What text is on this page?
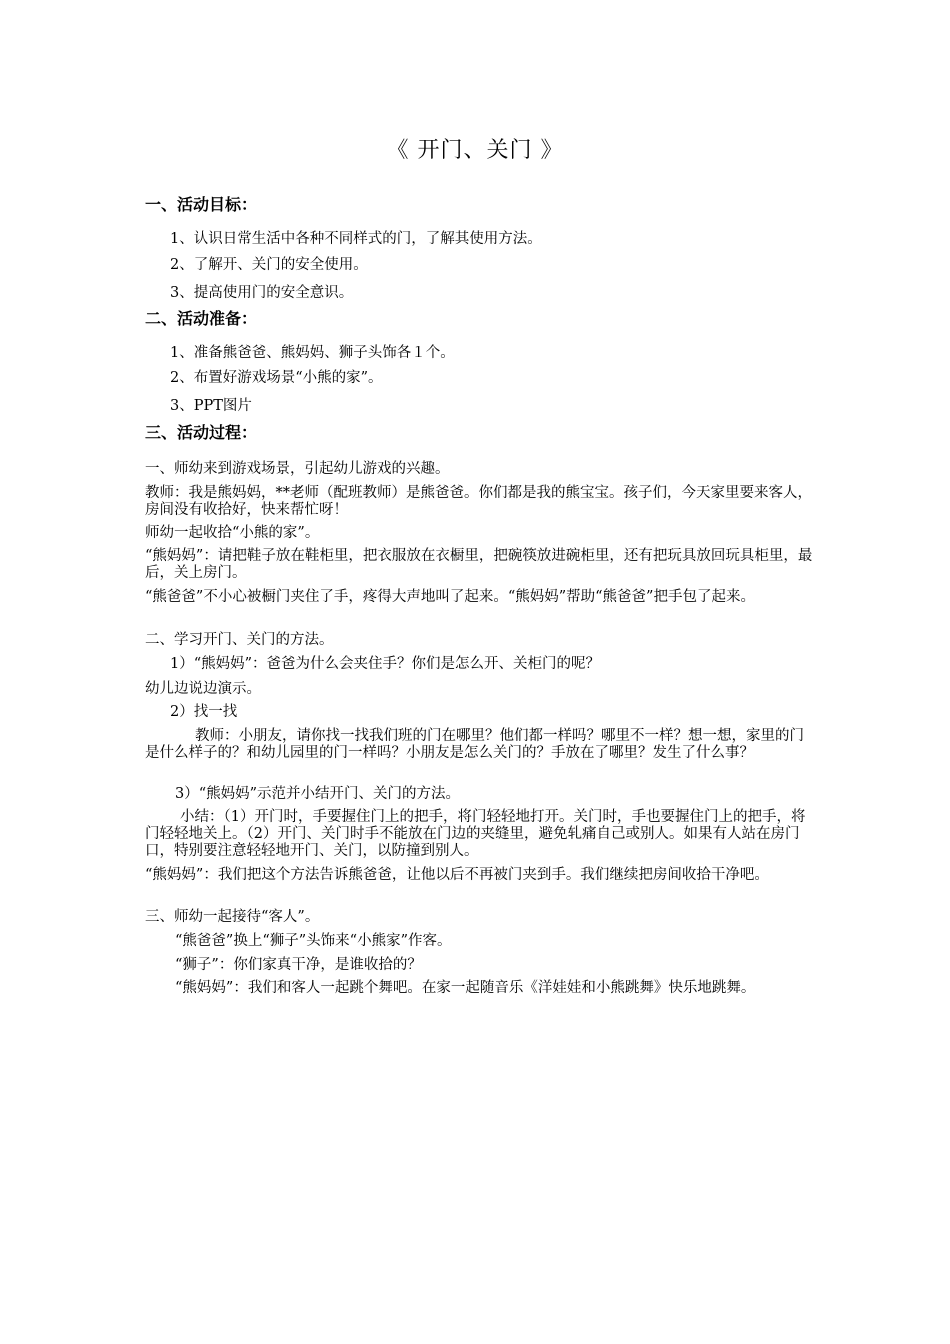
《 开门、关门 》
一、活动目标：
1、认识日常生活中各种不同样式的门，了解其使用方法。
2、了解开、关门的安全使用。
3、提高使用门的安全意识。
二、活动准备：
1、准备熊爸爸、熊妈妈、狮子头饰各１个。
2、布置好游戏场景“小熊的家”。
3、PPT图片
三、活动过程：
一、师幼来到游戏场景，引起幼儿游戏的兴趣。
教师：我是熊妈妈，**老师（配班教师）是熊爸爸。你们都是我的熊宝宝。孩子们，今天家里要来客人，房间没有收拾好，快来帮忙呀！
师幼一起收拾“小熊的家”。
“熊妈妈”：请把鞋子放在鞋柜里，把衣服放在衣橱里，把碗筷放进碗柜里，还有把玩具放回玩具柜里，最后，关上房门。
“熊爸爸”不小心被橱门夹住了手，疼得大声地叫了起来。“熊妈妈”帮助“熊爸爸”把手包了起来。
二、学习开门、关门的方法。
1）“熊妈妈”：爸爸为什么会夹住手？你们是怎么开、关柜门的呢？
幼儿边说边演示。
2）找一找
教师：小朋友，请你找一找我们班的门在哪里？他们都一样吗？哪里不一样？想一想，家里的门是什么样子的？和幼儿园里的门一样吗？小朋友是怎么关门的？手放在了哪里？发生了什么事？
3）“熊妈妈”示范并小结开门、关门的方法。
小结：（1）开门时，手要握住门上的把手，将门轻轻地打开。关门时，手也要握住门上的把手，将门轻轻地关上。（2）开门、关门时手不能放在门边的夹缝里，避免轧痛自己或别人。如果有人站在房门口，特别要注意轻轻地开门、关门，以防撞到别人。
“熊妈妈”：我们把这个方法告诉熊爸爸，让他以后不再被门夹到手。我们继续把房间收拾干净吧。
三、师幼一起接待“客人”。
“熊爸爸”换上“狮子”头饰来“小熊家”作客。
“狮子”：你们家真干净，是谁收拾的？
“熊妈妈”：我们和客人一起跳个舞吧。在家一起随音乐《洋娃娃和小熊跳舞》快乐地跳舞。
